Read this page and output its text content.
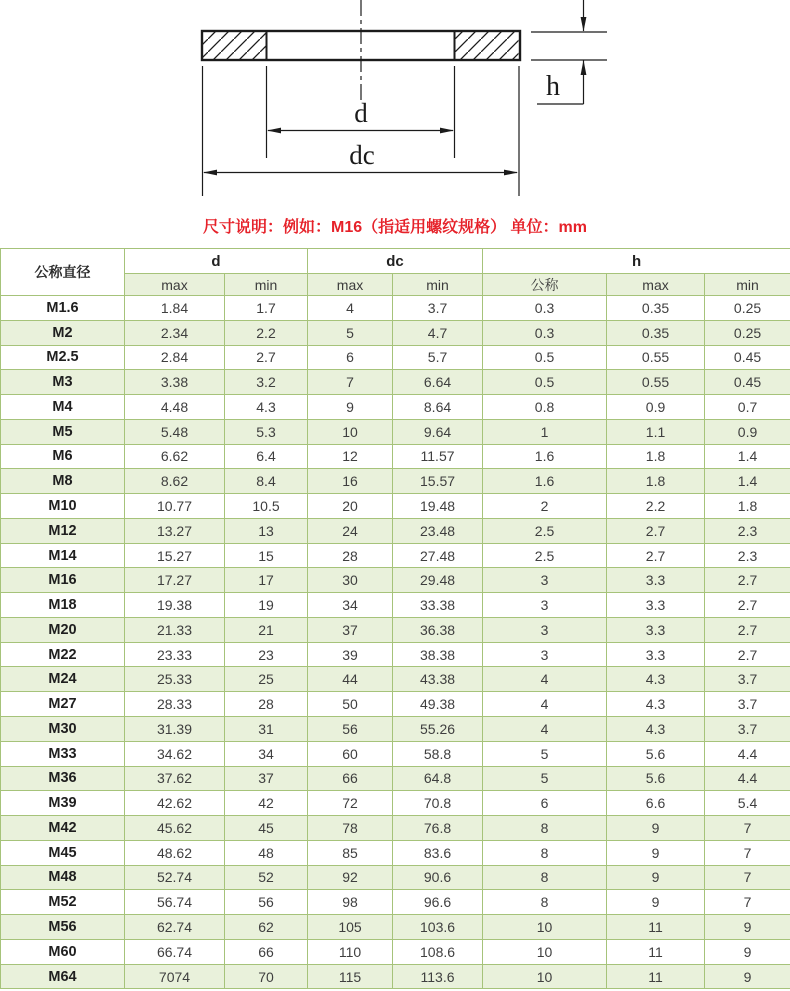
d
dc
h
尺寸说明：例如：M16（指适用螺纹规格） 单位：mm
公称直径	d		dc		h		
	max	min	max	min	公称	max	min
M1.6	1.84	1.7	4	3.7	0.3	0.35	0.25
M2	2.34	2.2	5	4.7	0.3	0.35	0.25
M2.5	2.84	2.7	6	5.7	0.5	0.55	0.45
M3	3.38	3.2	7	6.64	0.5	0.55	0.45
M4	4.48	4.3	9	8.64	0.8	0.9	0.7
M5	5.48	5.3	10	9.64	1	1.1	0.9
M6	6.62	6.4	12	11.57	1.6	1.8	1.4
M8	8.62	8.4	16	15.57	1.6	1.8	1.4
M10	10.77	10.5	20	19.48	2	2.2	1.8
M12	13.27	13	24	23.48	2.5	2.7	2.3
M14	15.27	15	28	27.48	2.5	2.7	2.3
M16	17.27	17	30	29.48	3	3.3	2.7
M18	19.38	19	34	33.38	3	3.3	2.7
M20	21.33	21	37	36.38	3	3.3	2.7
M22	23.33	23	39	38.38	3	3.3	2.7
M24	25.33	25	44	43.38	4	4.3	3.7
M27	28.33	28	50	49.38	4	4.3	3.7
M30	31.39	31	56	55.26	4	4.3	3.7
M33	34.62	34	60	58.8	5	5.6	4.4
M36	37.62	37	66	64.8	5	5.6	4.4
M39	42.62	42	72	70.8	6	6.6	5.4
M42	45.62	45	78	76.8	8	9	7
M45	48.62	48	85	83.6	8	9	7
M48	52.74	52	92	90.6	8	9	7
M52	56.74	56	98	96.6	8	9	7
M56	62.74	62	105	103.6	10	11	9
M60	66.74	66	110	108.6	10	11	9
M64	7074	70	115	113.6	10	11	9
